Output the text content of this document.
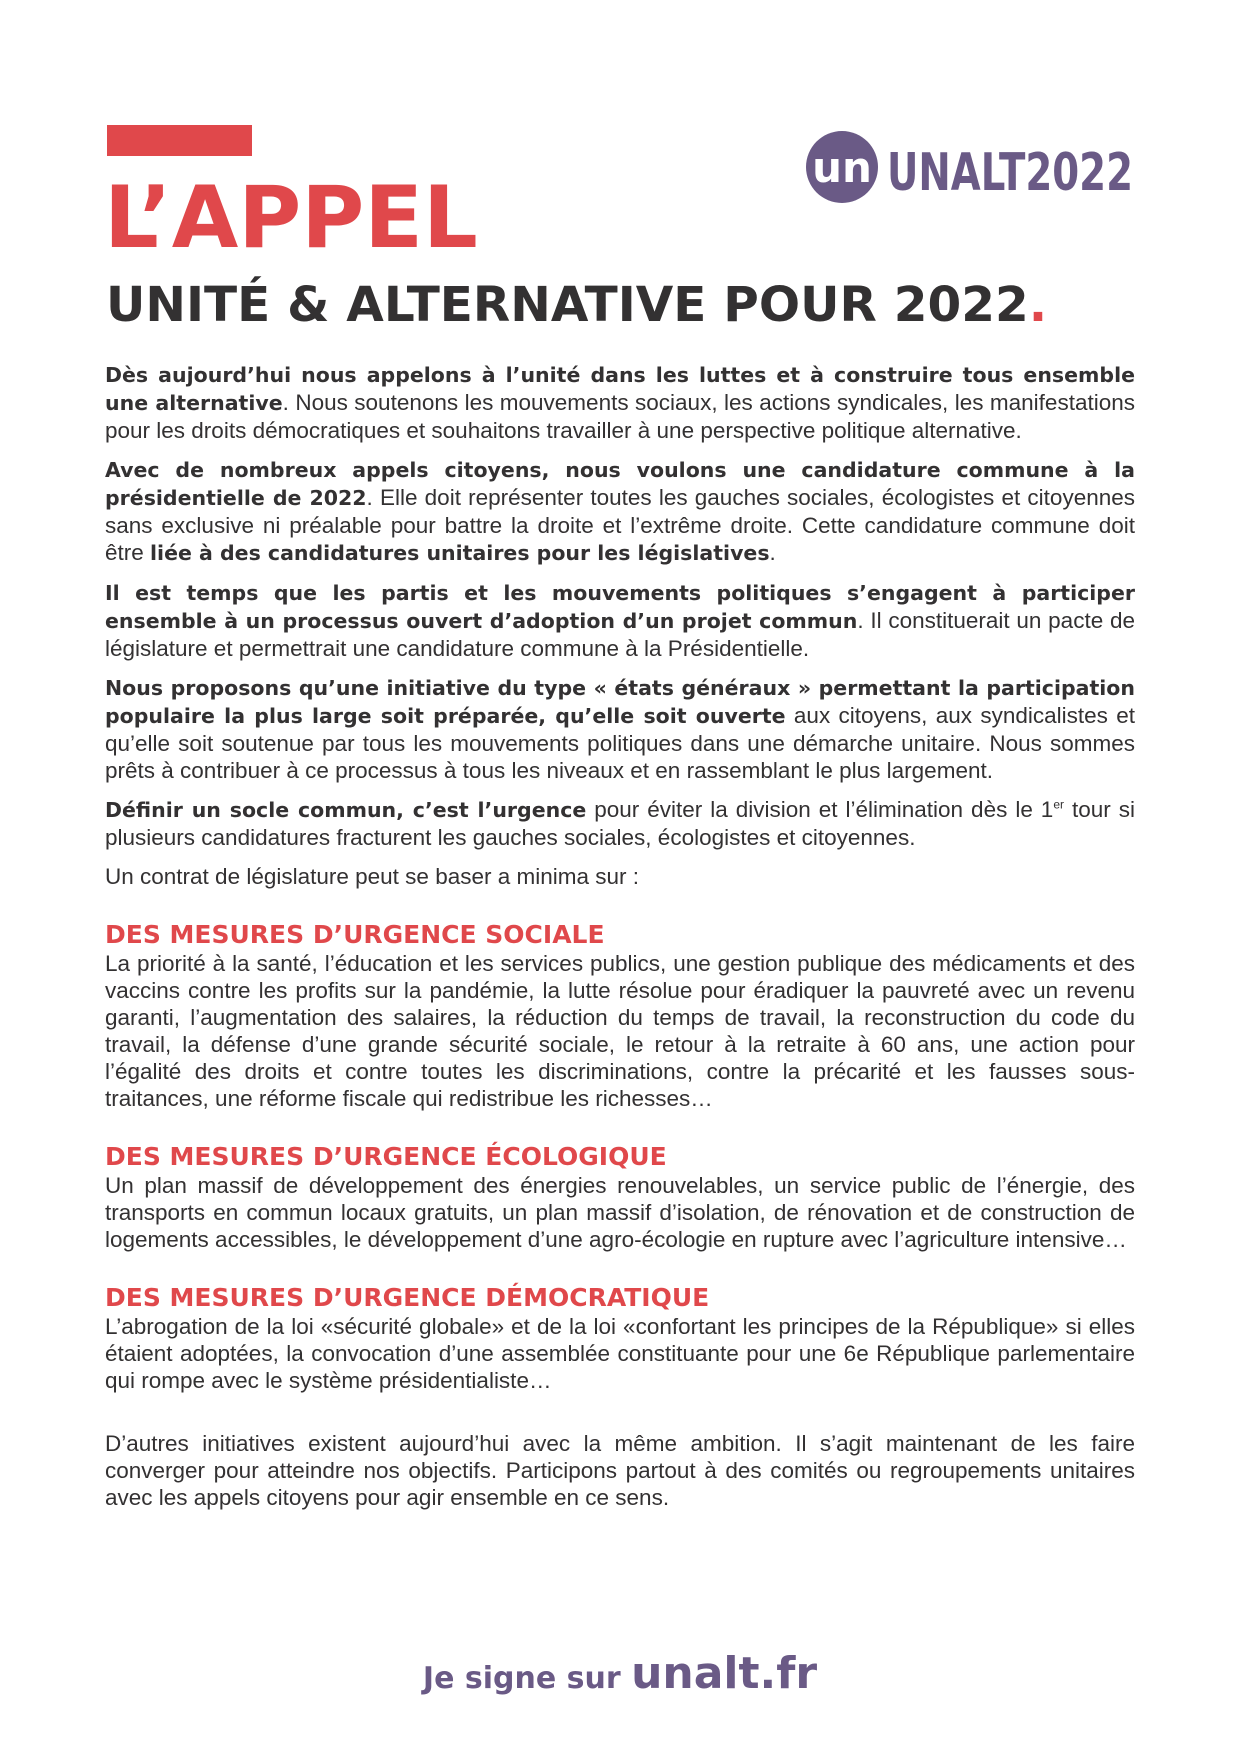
un UNALT2022
L’APPEL
UNITÉ & ALTERNATIVE POUR 2022.

Dès aujourd’hui nous appelons à l’unité dans les luttes et à construire tous ensemble une alternative. Nous soutenons les mouvements sociaux, les actions syndicales, les manifestations pour les droits démocratiques et souhaitons travailler à une perspective politique alternative.

Avec de nombreux appels citoyens, nous voulons une candidature commune à la présidentielle de 2022. Elle doit représenter toutes les gauches sociales, écologistes et citoyennes sans exclusive ni préalable pour battre la droite et l’extrême droite. Cette candidature commune doit être liée à des candidatures unitaires pour les législatives.

Il est temps que les partis et les mouvements politiques s’engagent à participer ensemble à un processus ouvert d’adoption d’un projet commun. Il constituerait un pacte de législature et permettrait une candidature commune à la Présidentielle.

Nous proposons qu’une initiative du type « états généraux » permettant la participation populaire la plus large soit préparée, qu’elle soit ouverte aux citoyens, aux syndicalistes et qu’elle soit soutenue par tous les mouvements politiques dans une démarche unitaire. Nous sommes prêts à contribuer à ce processus à tous les niveaux et en rassemblant le plus largement.

Définir un socle commun, c’est l’urgence pour éviter la division et l’élimination dès le 1er tour si plusieurs candidatures fracturent les gauches sociales, écologistes et citoyennes.

Un contrat de législature peut se baser a minima sur :

DES MESURES D’URGENCE SOCIALE

La priorité à la santé, l’éducation et les services publics, une gestion publique des médicaments et des vaccins contre les profits sur la pandémie, la lutte résolue pour éradiquer la pauvreté avec un revenu garanti, l’augmentation des salaires, la réduction du temps de travail, la reconstruction du code du travail, la défense d’une grande sécurité sociale, le retour à la retraite à 60 ans, une action pour l’égalité des droits et contre toutes les discriminations, contre la précarité et les fausses sous-traitances, une réforme fiscale qui redistribue les richesses…

DES MESURES D’URGENCE ÉCOLOGIQUE

Un plan massif de développement des énergies renouvelables, un service public de l’énergie, des transports en commun locaux gratuits, un plan massif d’isolation, de rénovation et de construction de logements accessibles, le développement d’une agro-écologie en rupture avec l’agriculture intensive…

DES MESURES D’URGENCE DÉMOCRATIQUE

L’abrogation de la loi «sécurité globale» et de la loi «confortant les principes de la République» si elles étaient adoptées, la convocation d’une assemblée constituante pour une 6e République parlementaire qui rompe avec le système présidentialiste…

D’autres initiatives existent aujourd’hui avec la même ambition. Il s’agit maintenant de les faire converger pour atteindre nos objectifs. Participons partout à des comités ou regroupements unitaires avec les appels citoyens pour agir ensemble en ce sens.

Je signe sur unalt.fr
